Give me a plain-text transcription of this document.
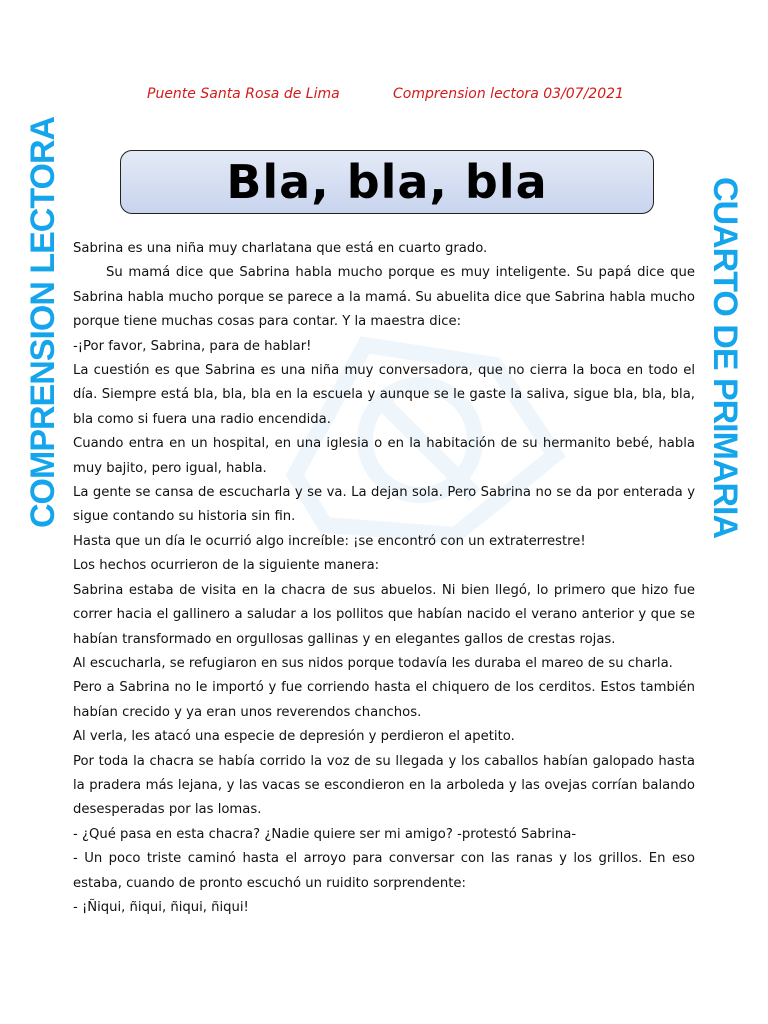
Puente Santa Rosa de Lima	Comprension lectora 03/07/2021
Bla, bla, bla
COMPRENSION LECTORA	CUARTO DE PRIMARIA

Sabrina es una niña muy charlatana que está en cuarto grado.

Su mamá dice que Sabrina habla mucho porque es muy inteligente. Su papá dice que Sabrina habla mucho porque se parece a la mamá. Su abuelita dice que Sabrina habla mucho porque tiene muchas cosas para contar. Y la maestra dice:

-¡Por favor, Sabrina, para de hablar!

La cuestión es que Sabrina es una niña muy conversadora, que no cierra la boca en todo el día. Siempre está bla, bla, bla en la escuela y aunque se le gaste la saliva, sigue bla, bla, bla, bla como si fuera una radio encendida.

Cuando entra en un hospital, en una iglesia o en la habitación de su hermanito bebé, habla muy bajito, pero igual, habla.

La gente se cansa de escucharla y se va. La dejan sola. Pero Sabrina no se da por enterada y sigue contando su historia sin fin.

Hasta que un día le ocurrió algo increíble: ¡se encontró con un extraterrestre!

Los hechos ocurrieron de la siguiente manera:

Sabrina estaba de visita en la chacra de sus abuelos. Ni bien llegó, lo primero que hizo fue correr hacia el gallinero a saludar a los pollitos que habían nacido el verano anterior y que se habían transformado en orgullosas gallinas y en elegantes gallos de crestas rojas.

Al escucharla, se refugiaron en sus nidos porque todavía les duraba el mareo de su charla.

Pero a Sabrina no le importó y fue corriendo hasta el chiquero de los cerditos. Estos también habían crecido y ya eran unos reverendos chanchos.

Al verla, les atacó una especie de depresión y perdieron el apetito.

Por toda la chacra se había corrido la voz de su llegada y los caballos habían galopado hasta la pradera más lejana, y las vacas se escondieron en la arboleda y las ovejas corrían balando desesperadas por las lomas.

- ¿Qué pasa en esta chacra? ¿Nadie quiere ser mi amigo? -protestó Sabrina-

- Un poco triste caminó hasta el arroyo para conversar con las ranas y los grillos. En eso estaba, cuando de pronto escuchó un ruidito sorprendente:

- ¡Ñiqui, ñiqui, ñiqui, ñiqui!
